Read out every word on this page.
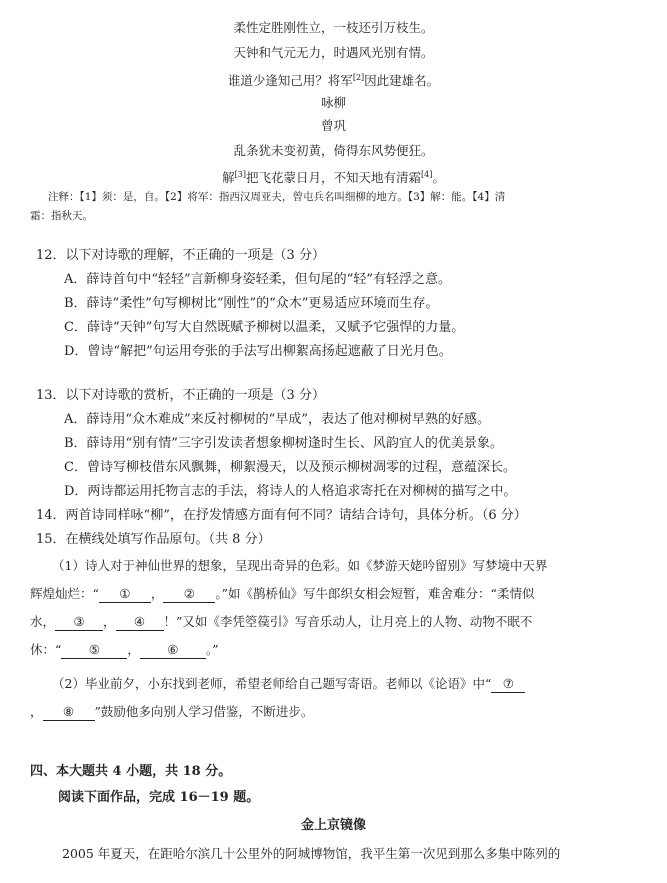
柔性定胜刚性立，一枝还引万枝生。
天钟和气元无力，时遇风光别有情。
谁道少逢知己用？将军[2]因此建雄名。
咏柳
曾巩
乱条犹未变初黄，倚得东风势便狂。
解[3]把飞花蒙日月，不知天地有清霜[4]。
注释：【1】须：是，自。【2】将军：指西汉周亚夫，曾屯兵名叫细柳的地方。【3】解：能。【4】清
霜：指秋天。
12．以下对诗歌的理解，不正确的一项是（3 分）
A．薛诗首句中“轻轻”言新柳身姿轻柔，但句尾的“轻”有轻浮之意。
B．薛诗“柔性”句写柳树比“刚性”的“众木”更易适应环境而生存。
C．薛诗“天钟”句写大自然既赋予柳树以温柔，又赋予它强悍的力量。
D．曾诗“解把”句运用夸张的手法写出柳絮高扬起遮蔽了日光月色。
13．以下对诗歌的赏析，不正确的一项是（3 分）
A．薛诗用“众木难成”来反衬柳树的“早成”，表达了他对柳树早熟的好感。
B．薛诗用“别有情”三字引发读者想象柳树逢时生长、风韵宜人的优美景象。
C．曾诗写柳枝借东风飘舞，柳絮漫天，以及预示柳树凋零的过程，意蕴深长。
D．两诗都运用托物言志的手法，将诗人的人格追求寄托在对柳树的描写之中。
14．两首诗同样咏“柳”，在抒发情感方面有何不同？请结合诗句，具体分析。（6 分）
15．在横线处填写作品原句。（共 8 分）
（1）诗人对于神仙世界的想象，呈现出奇异的色彩。如《梦游天姥吟留别》写梦境中天界
辉煌灿烂：“ ① ， ② 。”如《鹊桥仙》写牛郎织女相会短暂，难舍难分：“柔情似
水， ③ ， ④ ！”又如《李凭箜篌引》写音乐动人，让月亮上的人物、动物不眠不
休：“ ⑤ ， ⑥ 。”
（2）毕业前夕，小东找到老师，希望老师给自己题写寄语。老师以《论语》中“ ⑦
， ⑧ ”鼓励他多向别人学习借鉴，不断进步。
四、本大题共 4 小题，共 18 分。
阅读下面作品，完成 16－19 题。
金上京镜像
2005 年夏天，在距哈尔滨几十公里外的阿城博物馆，我平生第一次见到那么多集中陈列的
